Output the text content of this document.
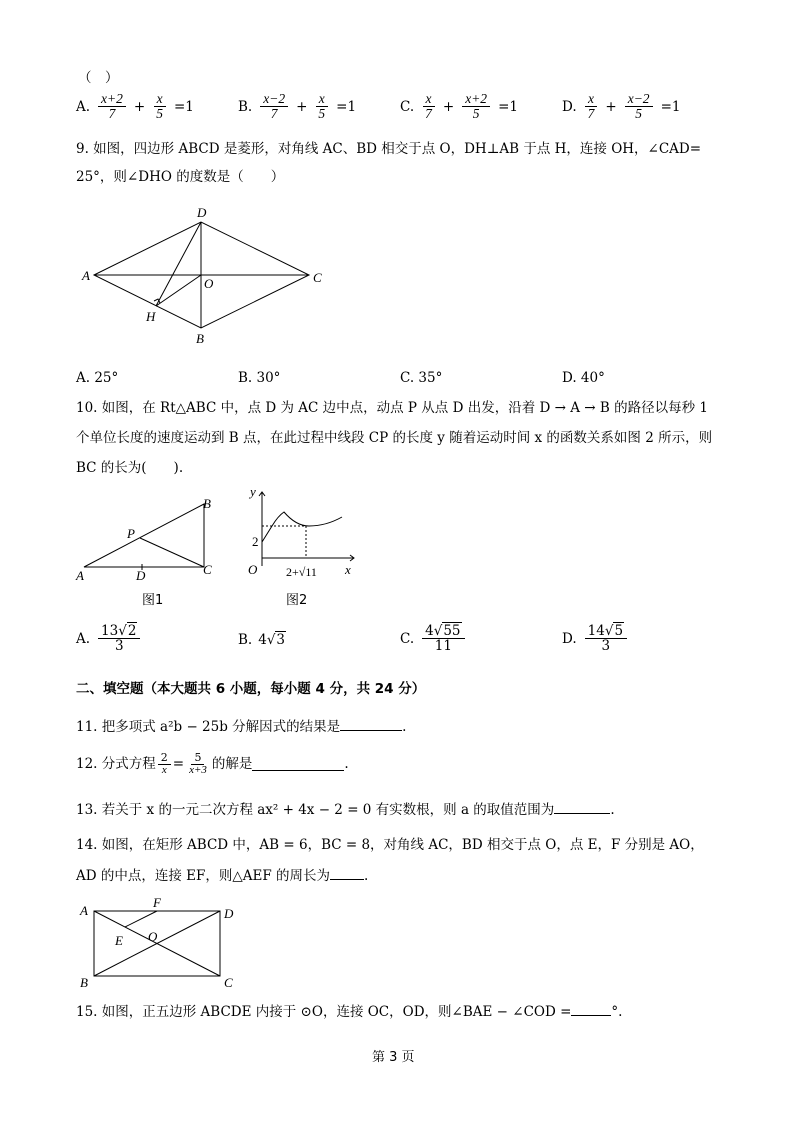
（　）
A. $\frac{x+2}{7} + \frac{x}{5} =1$	B. $\frac{x-2}{7} + \frac{x}{5} =1$	C. $\frac{x}{7} + \frac{x+2}{5} =1$	D. $\frac{x}{7} + \frac{x-2}{5} =1$
9. 如图，四边形 ABCD 是菱形，对角线 AC、BD 相交于点 O，DH⊥AB 于点 H，连接 OH，∠CAD=
25°，则∠DHO 的度数是（　　）
A
D
C
B
O
H
A. 25°	B. 30°	C. 35°	D. 40°
10. 如图，在 Rt△ABC 中，点 D 为 AC 边中点，动点 P 从点 D 出发，沿着 D → A → B 的路径以每秒 1
个单位长度的速度运动到 B 点，在此过程中线段 CP 的长度 y 随着运动时间 x 的函数关系如图 2 所示，则
BC 的长为(　　).
A
B
C
D
P
图1
y
x
O
2
2+√11
图2
A. $\frac{13√2}{3}$	B. 4√3	C. $\frac{4√55}{11}$	D. $\frac{14√5}{3}$
二、填空题（本大题共 6 小题，每小题 4 分，共 24 分）
11. 把多项式 a²b − 25b 分解因式的结果是	.
12. 分式方程 $\frac{2}{x} = \frac{5}{x+3}$ 的解是	.
13. 若关于 x 的一元二次方程 ax² + 4x − 2 = 0 有实数根，则 a 的取值范围为	.
14. 如图，在矩形 ABCD 中，AB = 6，BC = 8，对角线 AC，BD 相交于点 O，点 E，F 分别是 AO，
AD 的中点，连接 EF，则△AEF 的周长为	.
A	D
B	C
F
E O
15. 如图，正五边形 ABCDE 内接于 ⊙O，连接 OC，OD，则∠BAE − ∠COD =	°.
第 3 页
